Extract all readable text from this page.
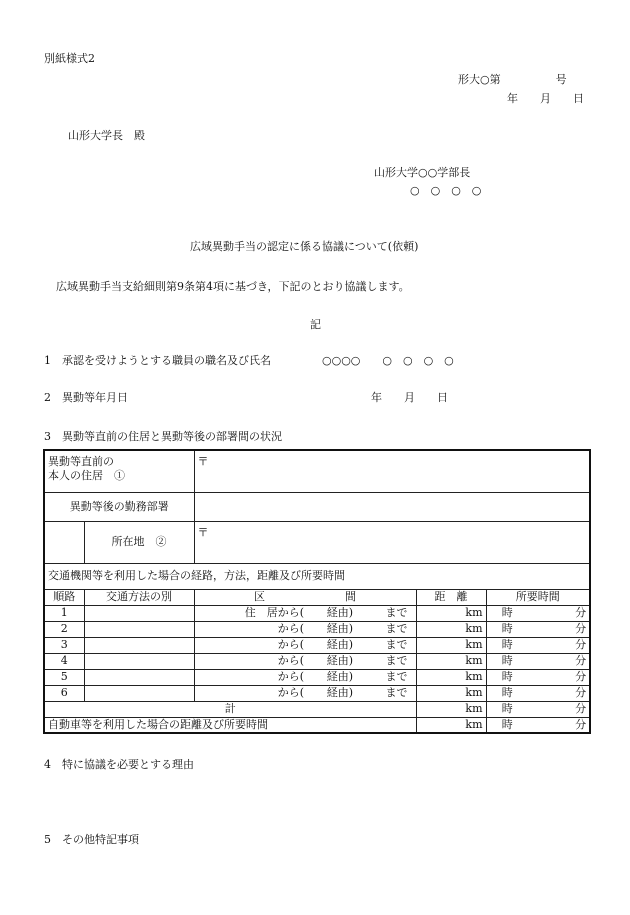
別紙様式2
形大○第　　　　　号
年　　月　　日
山形大学長　殿
山形大学○○学部長
○　○　○　○
広域異動手当の認定に係る協議について(依頼)
広域異動手当支給細則第9条第4項に基づき，下記のとおり協議します。
記
1　承認を受けようとする職員の職名及び氏名	○○○○　　○　○　○　○
2　異動等年月日	年　　月　　日
3　異動等直前の住居と異動等後の部署間の状況
異動等直前の
本人の住居　①		〒					
異動等後の勤務部署							
	所在地　②	〒					
交通機関等を利用した場合の経路，方法，距離及び所要時間							
順路	交通方法の別	区 間			距　離	所要時間	
1		住　居から(	経由)	まで	km	時	分
2		から(	経由)	まで	km	時	分
3		から(	経由)	まで	km	時	分
4		から(	経由)	まで	km	時	分
5		から(	経由)	まで	km	時	分
6		から(	経由)	まで	km	時	分
計					km	時	分
自動車等を利用した場合の距離及び所要時間					km	時	分
4　特に協議を必要とする理由
5　その他特記事項
